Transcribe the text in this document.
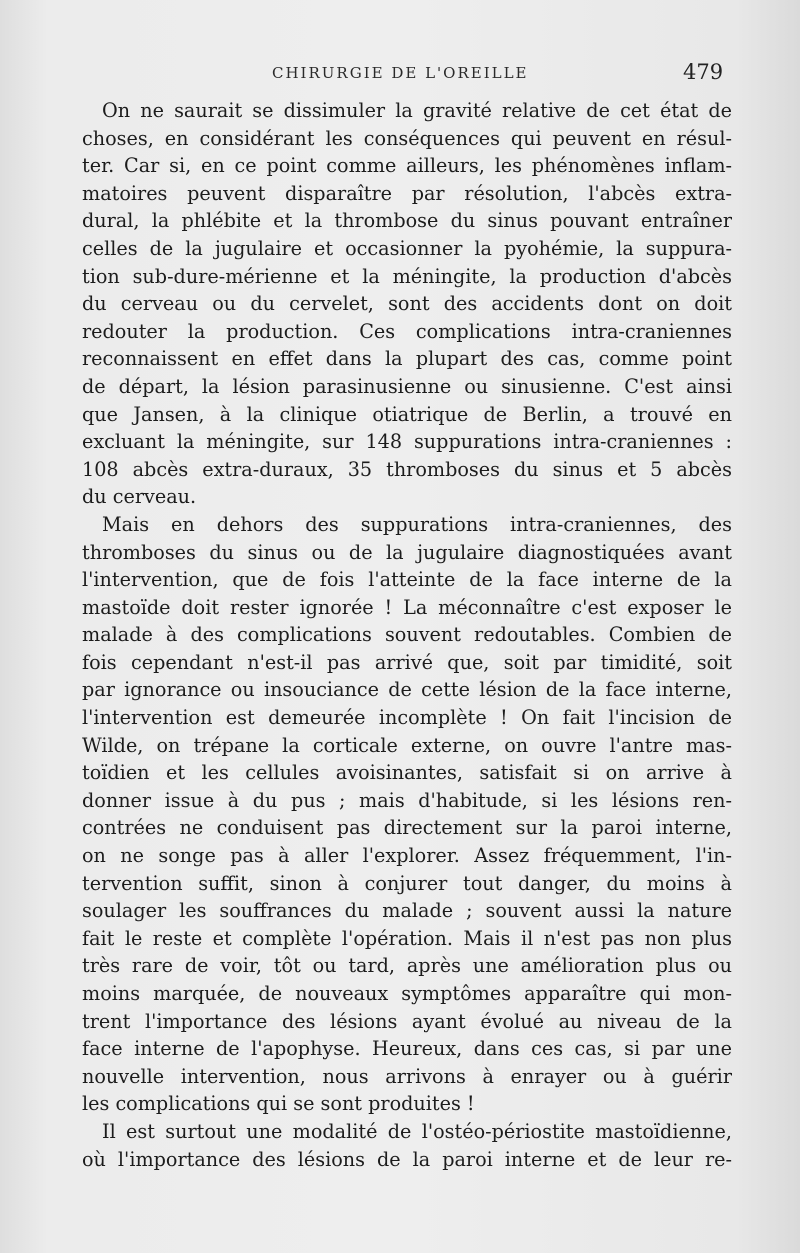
CHIRURGIE DE L'OREILLE	479
On ne saurait se dissimuler la gravité relative de cet état de
choses, en considérant les conséquences qui peuvent en résul-
ter. Car si, en ce point comme ailleurs, les phénomènes inflam-
matoires peuvent disparaître par résolution, l'abcès extra-
dural, la phlébite et la thrombose du sinus pouvant entraîner
celles de la jugulaire et occasionner la pyohémie, la suppura-
tion sub-dure-mérienne et la méningite, la production d'abcès
du cerveau ou du cervelet, sont des accidents dont on doit
redouter la production. Ces complications intra-craniennes
reconnaissent en effet dans la plupart des cas, comme point
de départ, la lésion parasinusienne ou sinusienne. C'est ainsi
que Jansen, à la clinique otiatrique de Berlin, a trouvé en
excluant la méningite, sur 148 suppurations intra-craniennes :
108 abcès extra-duraux, 35 thromboses du sinus et 5 abcès
du cerveau.
Mais en dehors des suppurations intra-craniennes, des
thromboses du sinus ou de la jugulaire diagnostiquées avant
l'intervention, que de fois l'atteinte de la face interne de la
mastoïde doit rester ignorée ! La méconnaître c'est exposer le
malade à des complications souvent redoutables. Combien de
fois cependant n'est-il pas arrivé que, soit par timidité, soit
par ignorance ou insouciance de cette lésion de la face interne,
l'intervention est demeurée incomplète ! On fait l'incision de
Wilde, on trépane la corticale externe, on ouvre l'antre mas-
toïdien et les cellules avoisinantes, satisfait si on arrive à
donner issue à du pus ; mais d'habitude, si les lésions ren-
contrées ne conduisent pas directement sur la paroi interne,
on ne songe pas à aller l'explorer. Assez fréquemment, l'in-
tervention suffit, sinon à conjurer tout danger, du moins à
soulager les souffrances du malade ; souvent aussi la nature
fait le reste et complète l'opération. Mais il n'est pas non plus
très rare de voir, tôt ou tard, après une amélioration plus ou
moins marquée, de nouveaux symptômes apparaître qui mon-
trent l'importance des lésions ayant évolué au niveau de la
face interne de l'apophyse. Heureux, dans ces cas, si par une
nouvelle intervention, nous arrivons à enrayer ou à guérir
les complications qui se sont produites !
Il est surtout une modalité de l'ostéo-périostite mastoïdienne,
où l'importance des lésions de la paroi interne et de leur re-
